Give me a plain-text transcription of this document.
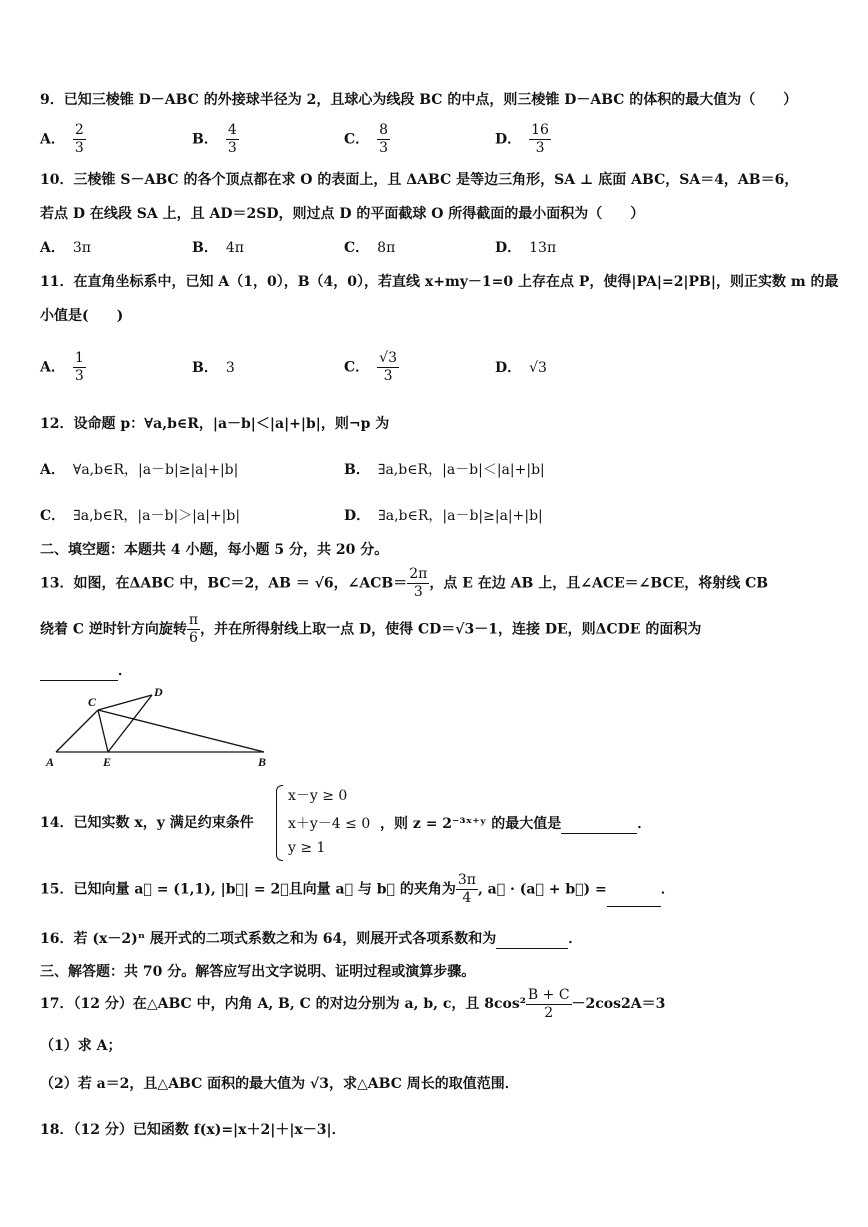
9．已知三棱锥 D－ABC 的外接球半径为 2，且球心为线段 BC 的中点，则三棱锥 D－ABC 的体积的最大值为（　　）
A． $\frac{2}{3}$	B． $\frac{4}{3}$	C． $\frac{8}{3}$	D． $\frac{16}{3}$
10．三棱锥 S－ABC 的各个顶点都在求 O 的表面上，且 ΔABC 是等边三角形，SA ⊥ 底面 ABC，SA＝4，AB＝6，
若点 D 在线段 SA 上，且 AD＝2SD，则过点 D 的平面截球 O 所得截面的最小面积为（　　）
A． 3π	B． 4π	C． 8π	D． 13π
11．在直角坐标系中，已知 A（1，0），B（4，0），若直线 x+my－1=0 上存在点 P，使得|PA|=2|PB|，则正实数 m 的最
小值是(　　)
A． $\frac{1}{3}$	B． 3	C． $\frac{√3}{3}$	D． √3
12．设命题 p：∀a,b∈R，|a－b|＜|a|+|b|，则¬p 为
A． ∀a,b∈R，|a－b|≥|a|+|b|	B． ∃a,b∈R，|a－b|＜|a|+|b|
C． ∃a,b∈R，|a－b|＞|a|+|b|	D． ∃a,b∈R，|a－b|≥|a|+|b|
二、填空题：本题共 4 小题，每小题 5 分，共 20 分。
13．如图，在ΔABC 中，BC＝2，AB ＝ √6，∠ACB＝ $\frac{2\pi}{3}$ ，点 E 在边 AB 上，且∠ACE＝∠BCE，将射线 CB
绕着 C 逆时针方向旋转 $\frac{\pi}{6}$ ，并在所得射线上取一点 D，使得 CD＝√3－1，连接 DE，则ΔCDE 的面积为
．
C
D
A	E	B
14．已知实数 x，y 满足约束条件
x－y ≥ 0
x＋y－4 ≤ 0
y ≥ 1
，则 z = 2⁻³ˣ⁺ʸ 的最大值是	．
15．已知向量 a⃗ = (1,1), |b⃗| = 2，且向量 a⃗ 与 b⃗ 的夹角为 $\frac{3\pi}{4}$ , a⃗ · (a⃗ + b⃗) =	．
16．若 (x－2)ⁿ 展开式的二项式系数之和为 64，则展开式各项系数和为	．
三、解答题：共 70 分。解答应写出文字说明、证明过程或演算步骤。
17．（12 分）在△ABC 中，内角 A, B, C 的对边分别为 a, b, c，且 $8\cos^2 \frac{B + C}{2} -2\cos 2A=3$
（1）求 A；
（2）若 a＝2，且△ABC 面积的最大值为 √3，求△ABC 周长的取值范围．
18．（12 分）已知函数 f(x)=|x＋2|＋|x－3|．
